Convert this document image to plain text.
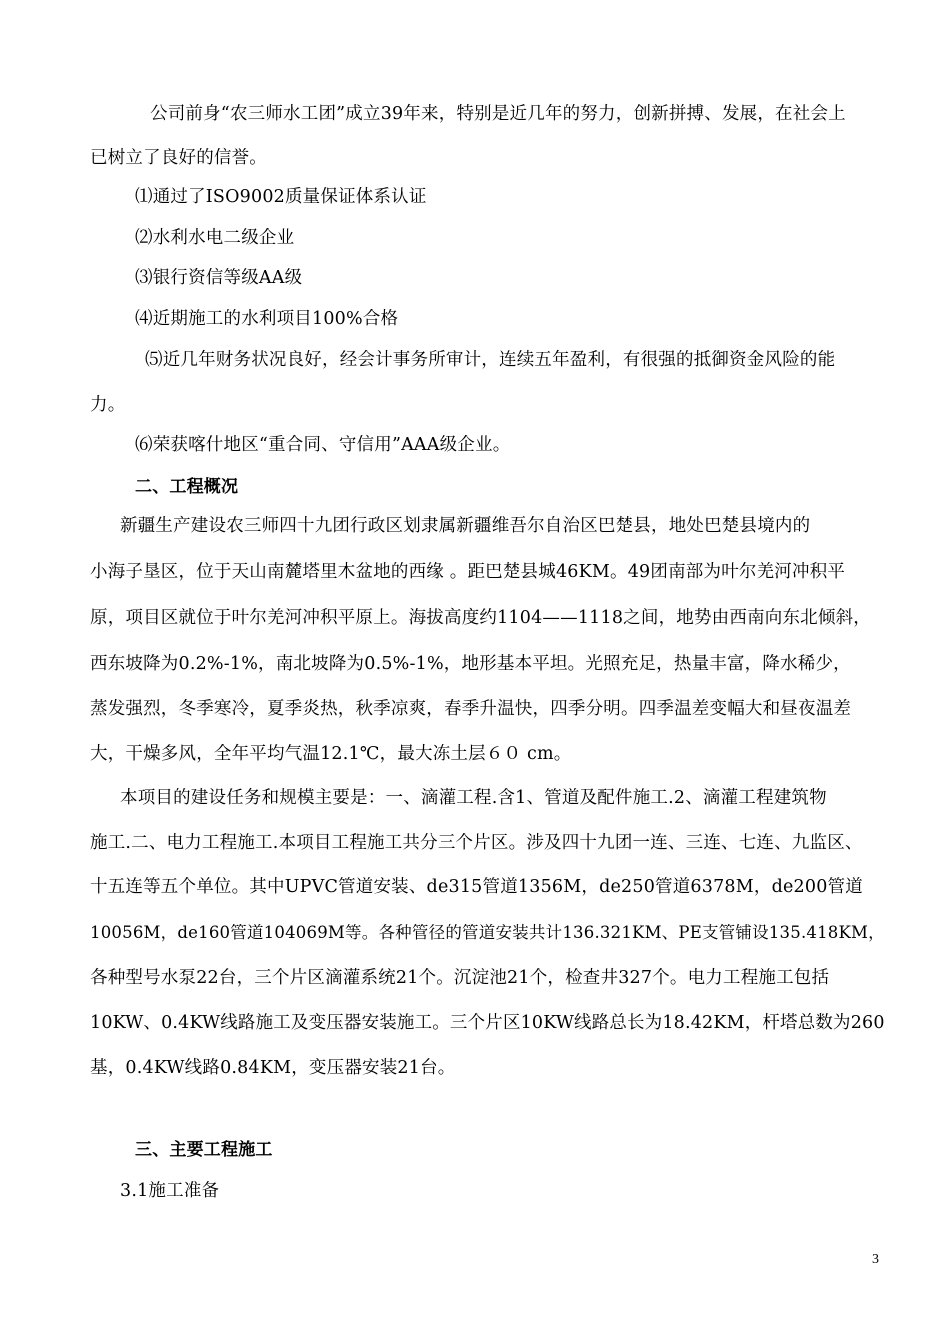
公司前身“农三师水工团”成立39年来，特别是近几年的努力，创新拼搏、发展，在社会上
已树立了良好的信誉。
⑴通过了ISO9002质量保证体系认证
⑵水利水电二级企业
⑶银行资信等级AA级
⑷近期施工的水利项目100%合格
⑸近几年财务状况良好，经会计事务所审计，连续五年盈利，有很强的抵御资金风险的能
力。
⑹荣获喀什地区“重合同、守信用”AAA级企业。
二、工程概况
新疆生产建设农三师四十九团行政区划隶属新疆维吾尔自治区巴楚县，地处巴楚县境内的
小海子垦区，位于天山南麓塔里木盆地的西缘 。距巴楚县城46KM。49团南部为叶尔羌河冲积平
原，项目区就位于叶尔羌河冲积平原上。海拔高度约1104——1118之间，地势由西南向东北倾斜，
西东坡降为0.2%-1%，南北坡降为0.5%-1%，地形基本平坦。光照充足，热量丰富，降水稀少，
蒸发强烈，冬季寒冷，夏季炎热，秋季凉爽，春季升温快，四季分明。四季温差变幅大和昼夜温差
大，干燥多风，全年平均气温12.1℃，最大冻土层６０ cm。
本项目的建设任务和规模主要是：一、滴灌工程.含1、管道及配件施工.2、滴灌工程建筑物
施工.二、电力工程施工.本项目工程施工共分三个片区。涉及四十九团一连、三连、七连、九监区、
十五连等五个单位。其中UPVC管道安装、de315管道1356M，de250管道6378M，de200管道
10056M，de160管道104069M等。各种管径的管道安装共计136.321KM、PE支管铺设135.418KM，
各种型号水泵22台，三个片区滴灌系统21个。沉淀池21个，检查井327个。电力工程施工包括
10KW、0.4KW线路施工及变压器安装施工。三个片区10KW线路总长为18.42KM，杆塔总数为260
基，0.4KW线路0.84KM，变压器安装21台。
三、主要工程施工
3.1施工准备
3
